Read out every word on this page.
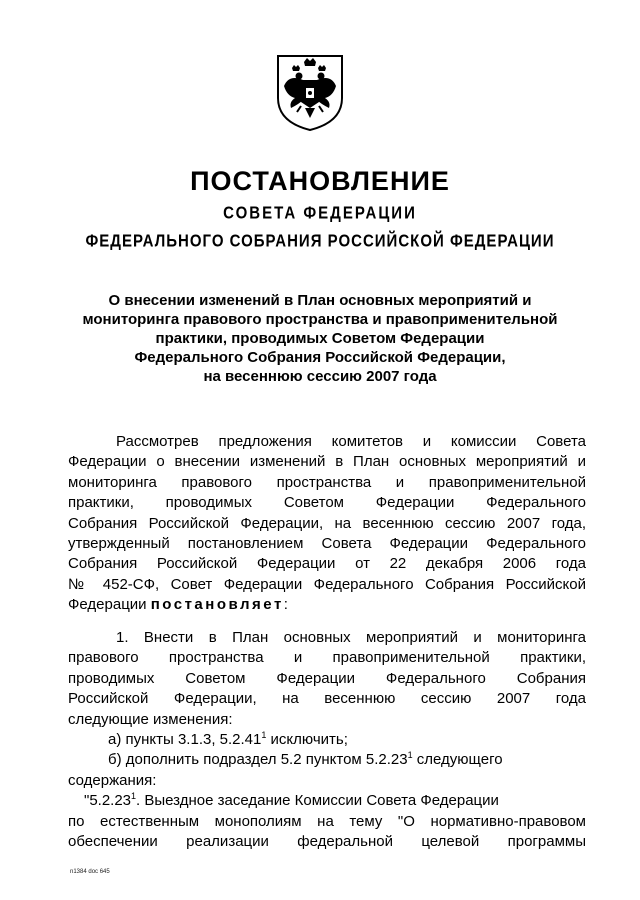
ПОСТАНОВЛЕНИЕ
СОВЕТА ФЕДЕРАЦИИ
ФЕДЕРАЛЬНОГО СОБРАНИЯ РОССИЙСКОЙ ФЕДЕРАЦИИ
О внесении изменений в План основных мероприятий и
мониторинга правового пространства и правоприменительной
практики, проводимых Советом Федерации
Федерального Собрания Российской Федерации,
на весеннюю сессию 2007 года
Рассмотрев предложения комитетов и комиссии Совета
Федерации о внесении изменений в План основных мероприятий и
мониторинга правового пространства и правоприменительной
практики, проводимых Советом Федерации Федерального
Собрания Российской Федерации, на весеннюю сессию 2007 года,
утвержденный постановлением Совета Федерации Федерального
Собрания Российской Федерации от 22 декабря 2006 года
№ 452-СФ, Совет Федерации Федерального Собрания Российской
Федерации постановляет:
1. Внести в План основных мероприятий и мониторинга
правового пространства и правоприменительной практики,
проводимых Советом Федерации Федерального Собрания
Российской Федерации, на весеннюю сессию 2007 года
следующие изменения:
а) пункты 3.1.3, 5.2.41$^1$ исключить;
б) дополнить подраздел 5.2 пунктом 5.2.23$^1$ следующего
содержания:
"5.2.23$^1$. Выездное заседание Комиссии Совета Федерации
по естественным монополиям на тему "О нормативно-правовом
обеспечении реализации федеральной целевой программы
n1384 doc 645
